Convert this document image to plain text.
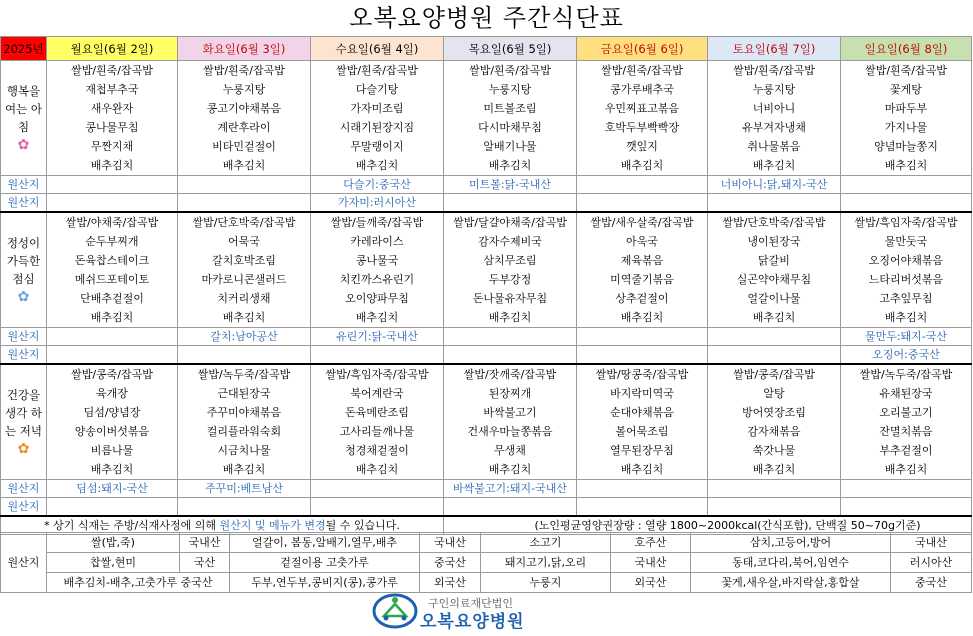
오복요양병원 주간식단표
2025년	월요일(6월 2일)	화요일(6월 3일)	수요일(6월 4일)	목요일(6월 5일)	금요일(6월 6일)	토요일(6월 7일)	일요일(6월 8일)
행복을 여는 아침
✿	쌀밥/흰죽/잡곡밥	쌀밥/흰죽/잡곡밥	쌀밥/흰죽/잡곡밥	쌀밥/흰죽/잡곡밥	쌀밥/흰죽/잡곡밥	쌀밥/흰죽/잡곡밥	쌀밥/흰죽/잡곡밥
	재첩부추국	누룽지탕	다슬기탕	누룽지탕	콩가루배추국	누룽지탕	꽃게탕
	새우완자	콩고기야채볶음	가자미조림	미트볼조림	우민찌표고볶음	너비아니	마파두부
	콩나물무침	계란후라이	시래기된장지짐	다시마채무침	호박두부빡빡장	유부겨자냉채	가지나물
	무짠지채	비타민겉절이	무말랭이지	알배기나물	깻잎지	취나물볶음	양념마늘쫑지
	배추김치	배추김치	배추김치	배추김치	배추김치	배추김치	배추김치
원산지			다슬기:중국산	미트볼:닭-국내산		너비아니:닭,돼지-국산	
원산지			가자미:러시아산				
정성이 가득한 점심
✿	쌀밥/야채죽/잡곡밥	쌀밥/단호박죽/잡곡밥	쌀밥/들깨죽/잡곡밥	쌀밥/달걀야채죽/잡곡밥	쌀밥/새우살죽/잡곡밥	쌀밥/단호박죽/잡곡밥	쌀밥/흑임자죽/잡곡밥
	순두부찌개	어묵국	카레라이스	감자수제비국	아욱국	냉이된장국	물만둣국
	돈육찹스테이크	갈치호박조림	콩나물국	삼치무조림	제육볶음	닭갈비	오징어야채볶음
	메쉬드포테이토	마카로니콘샐러드	치킨까스유린기	두부강정	미역줄기볶음	실곤약야채무침	느타리버섯볶음
	단배추겉절이	치커리생채	오이양파무침	돈나물유자무침	상추겉절이	얼갈이나물	고추잎무침
	배추김치	배추김치	배추김치	배추김치	배추김치	배추김치	배추김치
원산지		갈치:남아공산	유린기:닭-국내산				물만두:돼지-국산
원산지							오징어:중국산
건강을 생각 하는 저녁
✿	쌀밥/콩죽/잡곡밥	쌀밥/녹두죽/잡곡밥	쌀밥/흑임자죽/잡곡밥	쌀밥/잣깨죽/잡곡밥	쌀밥/땅콩죽/잡곡밥	쌀밥/콩죽/잡곡밥	쌀밥/녹두죽/잡곡밥
	육개장	근대된장국	북어계란국	된장찌개	바지락미역국	알탕	유채된장국
	딤섬/양념장	주꾸미야채볶음	돈육메란조림	바싹불고기	순대야채볶음	방어엿장조림	오리불고기
	양송이버섯볶음	컬리플라워숙회	고사리들깨나물	건새우마늘쫑볶음	볼어묵조림	감자채볶음	잔멸치볶음
	비름나물	시금치나물	청경채겉절이	무생채	열무된장무침	쑥갓나물	부추겉절이
	배추김치	배추김치	배추김치	배추김치	배추김치	배추김치	배추김치
원산지	딤섬:돼지-국산	주꾸미:베트남산		바싹불고기:돼지-국내산			
원산지							
* 상기 식재는 주방/식재사정에 의해 원산지 및 메뉴가 변경될 수 있습니다.				(노인평균영양권장량 : 열량 1800~2000kcal(간식포함), 단백질 50~70g기준)			
원산지	쌀(밥,죽)	국내산	얼갈이, 봄동,알배기,열무,배추	국내산	소고기	호주산	삼치,고등어,방어	국내산
	찹쌀,현미	국산	겉절이용 고춧가루	중국산	돼지고기,닭,오리	국내산	동태,코다리,북어,임연수	러시아산
	배추김치-배추,고춧가루 중국산		두부,연두부,콩비지(콩),콩가루	외국산	누룽지	외국산	꽃게,새우살,바지락살,홍합살	중국산
구인의료재단법인
오복요양병원
